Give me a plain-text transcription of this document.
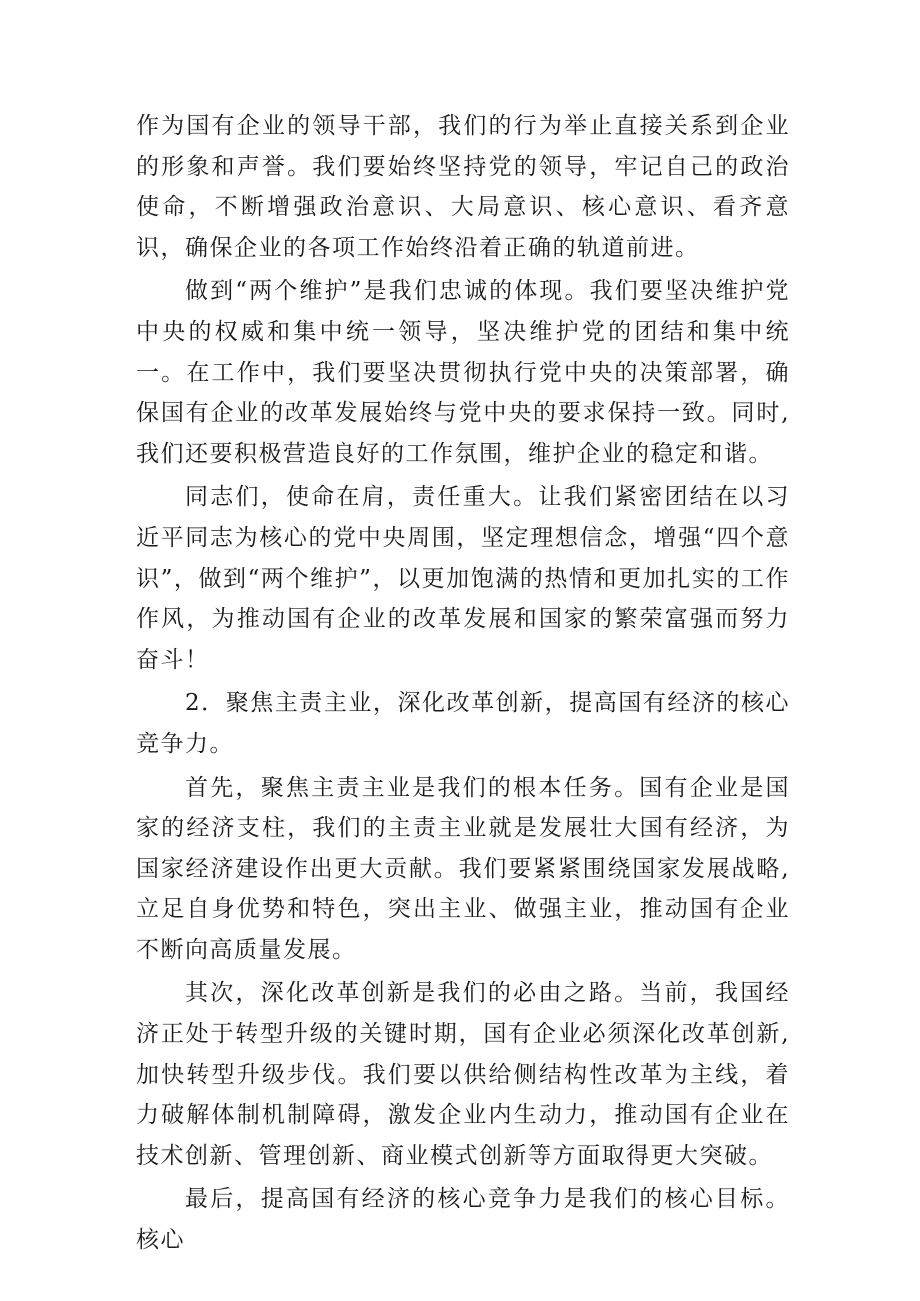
作为国有企业的领导干部，我们的行为举止直接关系到企业的形象和声誉。我们要始终坚持党的领导，牢记自己的政治使命，不断增强政治意识、大局意识、核心意识、看齐意识，确保企业的各项工作始终沿着正确的轨道前进。

做到“两个维护”是我们忠诚的体现。我们要坚决维护党中央的权威和集中统一领导，坚决维护党的团结和集中统一。在工作中，我们要坚决贯彻执行党中央的决策部署，确保国有企业的改革发展始终与党中央的要求保持一致。同时,我们还要积极营造良好的工作氛围，维护企业的稳定和谐。

同志们，使命在肩，责任重大。让我们紧密团结在以习近平同志为核心的党中央周围，坚定理想信念，增强“四个意识”，做到“两个维护”，以更加饱满的热情和更加扎实的工作作风，为推动国有企业的改革发展和国家的繁荣富强而努力奋斗！

2．聚焦主责主业，深化改革创新，提高国有经济的核心竞争力。

首先，聚焦主责主业是我们的根本任务。国有企业是国家的经济支柱，我们的主责主业就是发展壮大国有经济，为国家经济建设作出更大贡献。我们要紧紧围绕国家发展战略,立足自身优势和特色，突出主业、做强主业，推动国有企业不断向高质量发展。

其次，深化改革创新是我们的必由之路。当前，我国经济正处于转型升级的关键时期，国有企业必须深化改革创新,加快转型升级步伐。我们要以供给侧结构性改革为主线，着力破解体制机制障碍，激发企业内生动力，推动国有企业在技术创新、管理创新、商业模式创新等方面取得更大突破。

最后，提高国有经济的核心竞争力是我们的核心目标。核心
